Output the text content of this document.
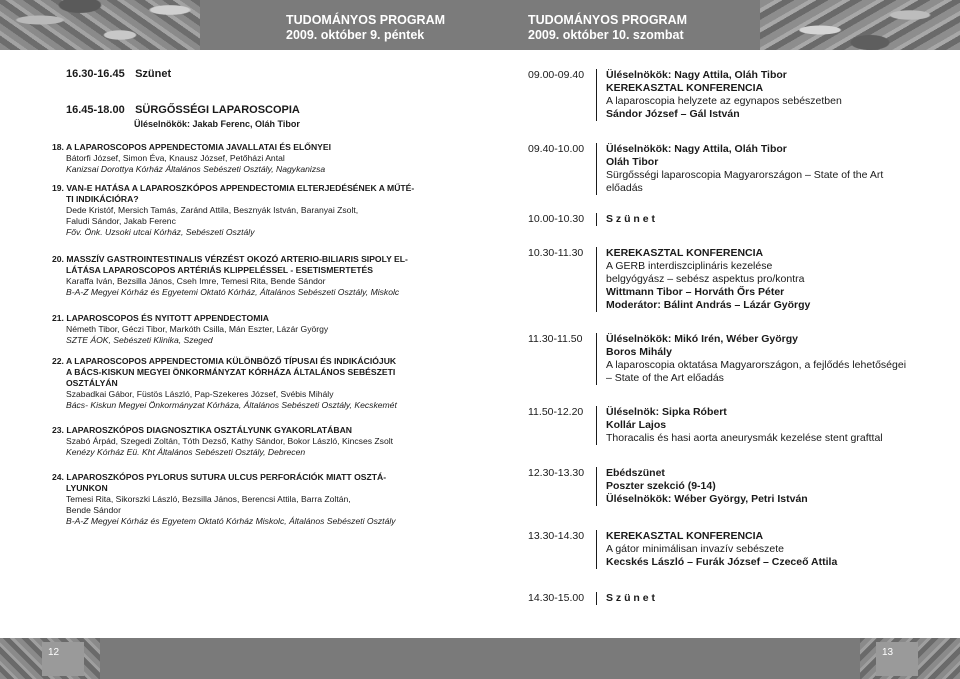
TUDOMÁNYOS PROGRAM
2009. október 9. péntek
TUDOMÁNYOS PROGRAM
2009. október 10. szombat
16.30-16.45 Szünet
16.45-18.00 SÜRGŐSSÉGI LAPAROSCOPIA
Üléselnökök: Jakab Ferenc, Oláh Tibor
18. A LAPAROSCOPOS APPENDECTOMIA JAVALLATAI ÉS ELŐNYEI
Bátorfi József, Simon Éva, Knausz József, Petőházi Antal
Kanizsai Dorottya Kórház Általános Sebészeti Osztály, Nagykanizsa
19. VAN-E HATÁSA A LAPAROSZKÓPOS APPENDECTOMIA ELTERJEDÉSÉNEK A MŰTÉ-
TI INDIKÁCIÓRA?
Dede Kristóf, Mersich Tamás, Zaránd Attila, Besznyák István, Baranyai Zsolt,
Faludi Sándor, Jakab Ferenc
Főv. Önk. Uzsoki utcai Kórház, Sebészeti Osztály
20. MASSZÍV GASTROINTESTINALIS VÉRZÉST OKOZÓ ARTERIO-BILIARIS SIPOLY EL-
LÁTÁSA LAPAROSCOPOS ARTÉRIÁS KLIPPELÉSSEL - ESETISMERTETÉS
Karaffa Iván, Bezsilla János, Cseh Imre, Temesi Rita, Bende Sándor
B-A-Z Megyei Kórház és Egyetemi Oktató Kórház, Általános Sebészeti Osztály, Miskolc
21. LAPAROSCOPOS ÉS NYITOTT APPENDECTOMIA
Németh Tibor, Géczi Tibor, Markóth Csilla, Mán Eszter, Lázár György
SZTE ÁOK, Sebészeti Klinika, Szeged
22. A LAPAROSCOPOS APPENDECTOMIA KÜLÖNBÖZŐ TÍPUSAI ÉS INDIKÁCIÓJUK
A BÁCS-KISKUN MEGYEI ÖNKORMÁNYZAT KÓRHÁZA ÁLTALÁNOS SEBÉSZETI
OSZTÁLYÁN
Szabadkai Gábor, Füstös László, Pap-Szekeres József, Svébis Mihály
Bács- Kiskun Megyei Önkormányzat Kórháza, Általános Sebészeti Osztály, Kecskemét
23. LAPAROSZKÓPOS DIAGNOSZTIKA OSZTÁLYUNK GYAKORLATÁBAN
Szabó Árpád, Szegedi Zoltán, Tóth Dezső, Kathy Sándor, Bokor László, Kincses Zsolt
Kenézy Kórház Eü. Kht Általános Sebészeti Osztály, Debrecen
24. LAPAROSZKÓPOS PYLORUS SUTURA ULCUS PERFORÁCIÓK MIATT OSZTÁ-
LYUNKON
Temesi Rita, Sikorszki László, Bezsilla János, Berencsi Attila, Barra Zoltán,
Bende Sándor
B-A-Z Megyei Kórház és Egyetem Oktató Kórház Miskolc, Általános Sebészeti Osztály
09.00-09.40	Üléselnökök: Nagy Attila, Oláh Tibor
KEREKASZTAL KONFERENCIA
A laparoscopia helyzete az egynapos sebészetben
Sándor József – Gál István
09.40-10.00	Üléselnökök: Nagy Attila, Oláh Tibor
Oláh Tibor
Sürgősségi laparoscopia Magyarországon – State of the Art
előadás
10.00-10.30	S z ü n e t
10.30-11.30	KEREKASZTAL KONFERENCIA
A GERB interdiszciplináris kezelése
belgyógyász – sebész aspektus pro/kontra
Wittmann Tibor – Horváth Őrs Péter
Moderátor: Bálint András – Lázár György
11.30-11.50	Üléselnökök: Mikó Irén, Wéber György
Boros Mihály
A laparoscopia oktatása Magyarországon, a fejlődés lehetőségei
– State of the Art előadás
11.50-12.20	Üléselnök: Sipka Róbert
Kollár Lajos
Thoracalis és hasi aorta aneurysmák kezelése stent grafttal
12.30-13.30	Ebédszünet
Poszter szekció (9-14)
Üléselnökök: Wéber György, Petri István
13.30-14.30	KEREKASZTAL KONFERENCIA
A gátor minimálisan invazív sebészete
Kecskés László – Furák József – Czeceő Attila
14.30-15.00	S z ü n e t
12	13
